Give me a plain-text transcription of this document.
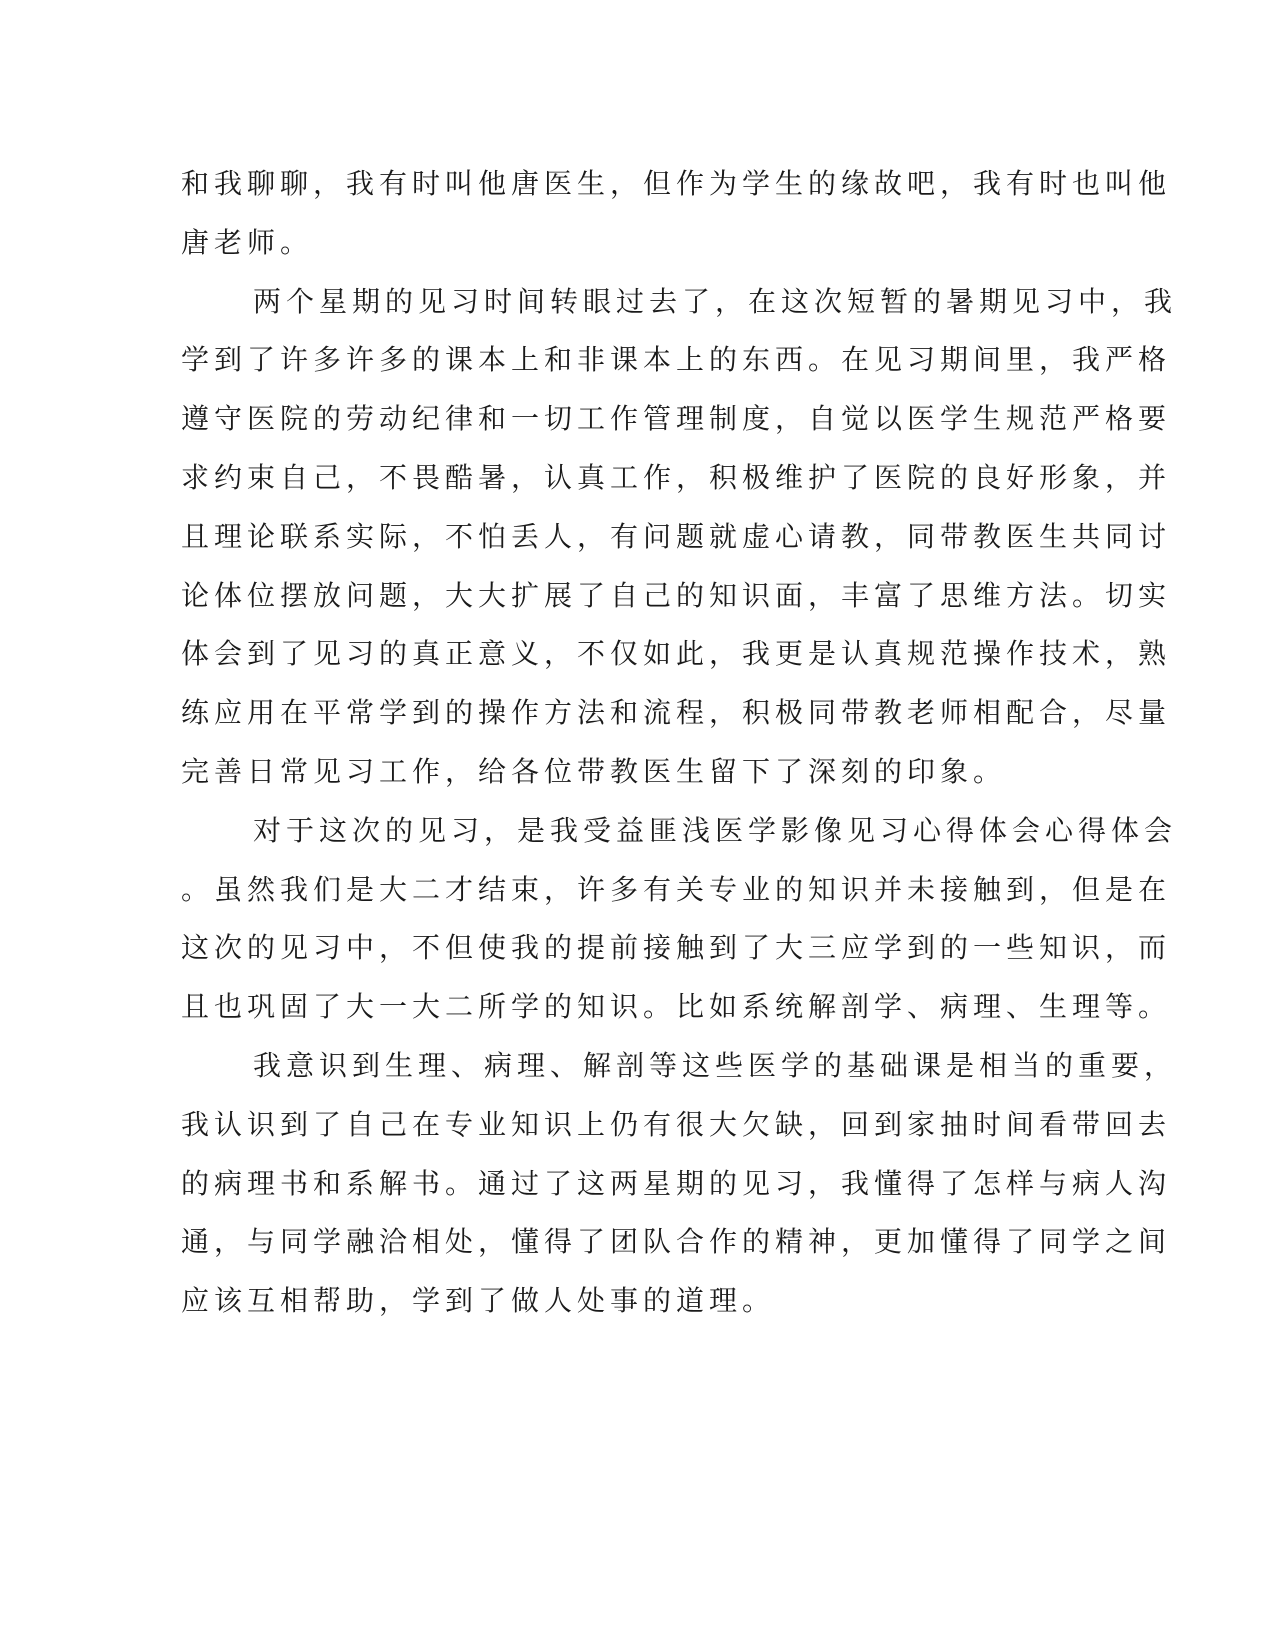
和我聊聊，我有时叫他唐医生，但作为学生的缘故吧，我有时也叫他
唐老师。
两个星期的见习时间转眼过去了，在这次短暂的暑期见习中，我
学到了许多许多的课本上和非课本上的东西。在见习期间里，我严格
遵守医院的劳动纪律和一切工作管理制度，自觉以医学生规范严格要
求约束自己，不畏酷暑，认真工作，积极维护了医院的良好形象，并
且理论联系实际，不怕丢人，有问题就虚心请教，同带教医生共同讨
论体位摆放问题，大大扩展了自己的知识面，丰富了思维方法。切实
体会到了见习的真正意义，不仅如此，我更是认真规范操作技术，熟
练应用在平常学到的操作方法和流程，积极同带教老师相配合，尽量
完善日常见习工作，给各位带教医生留下了深刻的印象。
对于这次的见习，是我受益匪浅医学影像见习心得体会心得体会
。虽然我们是大二才结束，许多有关专业的知识并未接触到，但是在
这次的见习中，不但使我的提前接触到了大三应学到的一些知识，而
且也巩固了大一大二所学的知识。比如系统解剖学、病理、生理等。
我意识到生理、病理、解剖等这些医学的基础课是相当的重要，
我认识到了自己在专业知识上仍有很大欠缺，回到家抽时间看带回去
的病理书和系解书。通过了这两星期的见习，我懂得了怎样与病人沟
通，与同学融洽相处，懂得了团队合作的精神，更加懂得了同学之间
应该互相帮助，学到了做人处事的道理。
